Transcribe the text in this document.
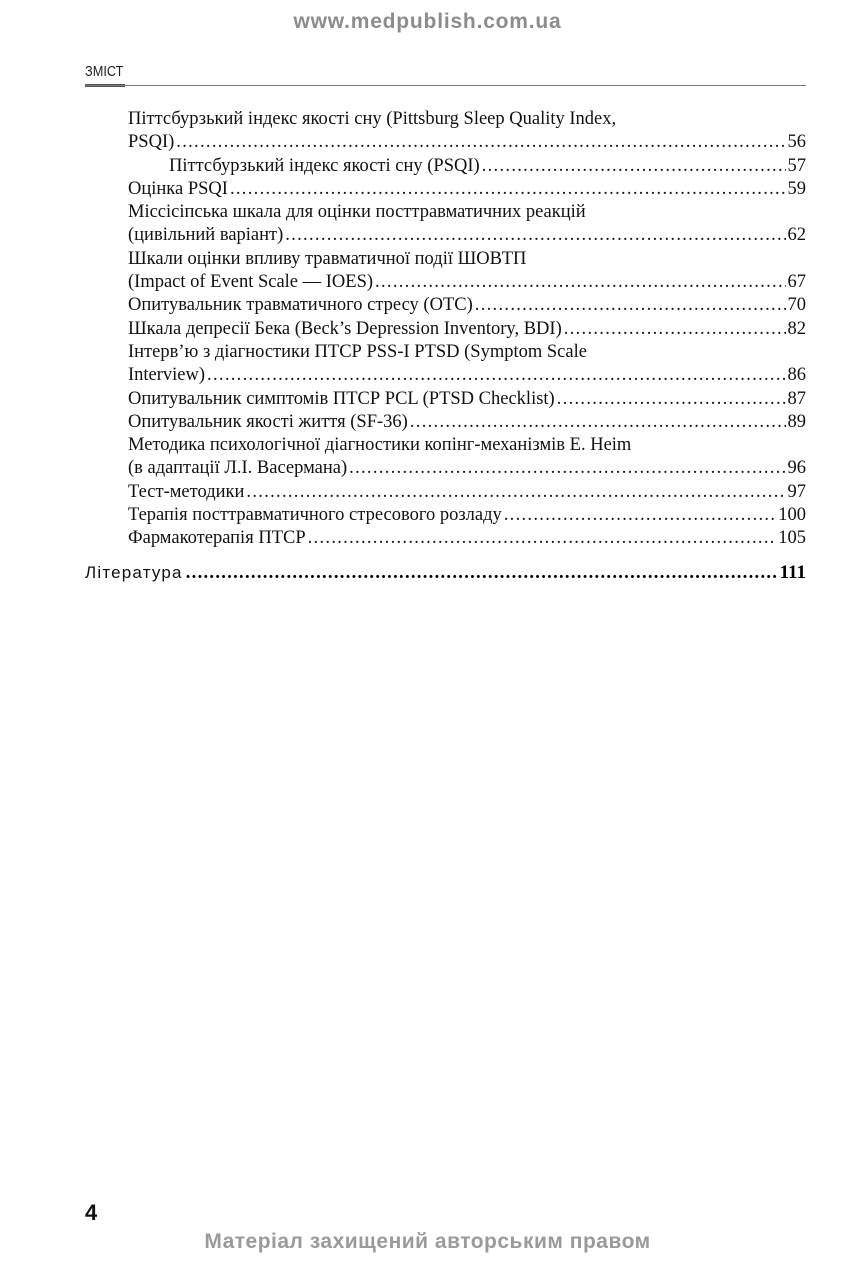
www.medpublish.com.ua
ЗМІСТ
Піттсбурзький індекс якості сну (Pittsburg Sleep Quality Index,
PSQI) .....	56
Піттсбурзький індекс якості сну (PSQI) .....	57
Оцінка PSQI .....	59
Міссісіпська шкала для оцінки посттравматичних реакцій
(цивільний варіант) .....	62
Шкали оцінки впливу травматичної події ШОВТП
(Impact of Event Scale — IOES) .....	67
Опитувальник травматичного стресу (ОТС) .....	70
Шкала депресії Бека (Beck’s Depression Inventory, BDI) .....	82
Інтерв’ю з діагностики ПТСР PSS-I PTSD (Symptom Scale
Interview) .....	86
Опитувальник симптомів ПТСР PCL (PTSD Checklist) .....	87
Опитувальник якості життя (SF-36) .....	89
Методика психологічної діагностики копінг-механізмів E. Heim
(в адаптації Л.І. Васермана) .....	96
Тест-методики .....	97
Терапія посттравматичного стресового розладу .....	100
Фармакотерапія ПТСР .....	105
Література .....	111
4
Матеріал захищений авторським правом
